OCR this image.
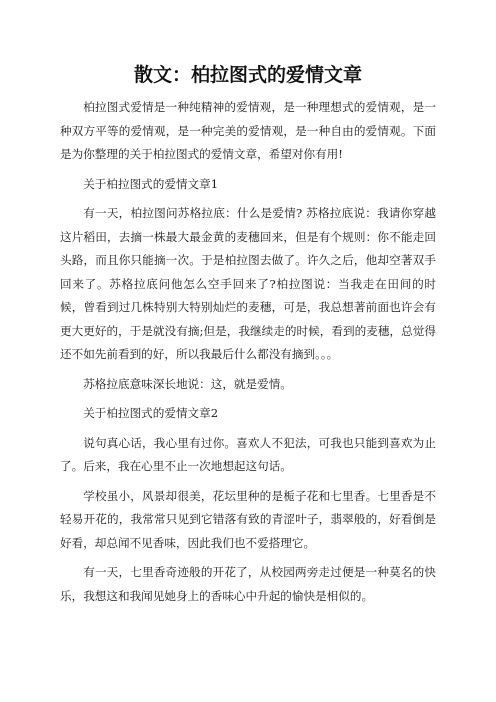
散文：柏拉图式的爱情文章

柏拉图式爱情是一种纯精神的爱情观，是一种理想式的爱情观，是一种双方平等的爱情观，是一种完美的爱情观，是一种自由的爱情观。下面是为你整理的关于柏拉图式的爱情文章，希望对你有用!

关于柏拉图式的爱情文章1

有一天，柏拉图问苏格拉底：什么是爱情? 苏格拉底说：我请你穿越这片稻田，去摘一株最大最金黄的麦穗回来，但是有个规则：你不能走回头路，而且你只能摘一次。于是柏拉图去做了。许久之后，他却空著双手回来了。苏格拉底问他怎么空手回来了?柏拉图说：当我走在田间的时候，曾看到过几株特别大特别灿烂的麦穗，可是，我总想著前面也许会有更大更好的，于是就没有摘;但是，我继续走的时候，看到的麦穗，总觉得还不如先前看到的好，所以我最后什么都没有摘到。。。

苏格拉底意味深长地说：这，就是爱情。

关于柏拉图式的爱情文章2

说句真心话，我心里有过你。喜欢人不犯法，可我也只能到喜欢为止了。后来，我在心里不止一次地想起这句话。

学校虽小，风景却很美，花坛里种的是栀子花和七里香。七里香是不轻易开花的，我常常只见到它错落有致的青涩叶子，翡翠般的，好看倒是好看，却总闻不见香味，因此我们也不爱搭理它。

有一天，七里香奇迹般的开花了，从校园两旁走过便是一种莫名的快乐，我想这和我闻见她身上的香味心中升起的愉快是相似的。
